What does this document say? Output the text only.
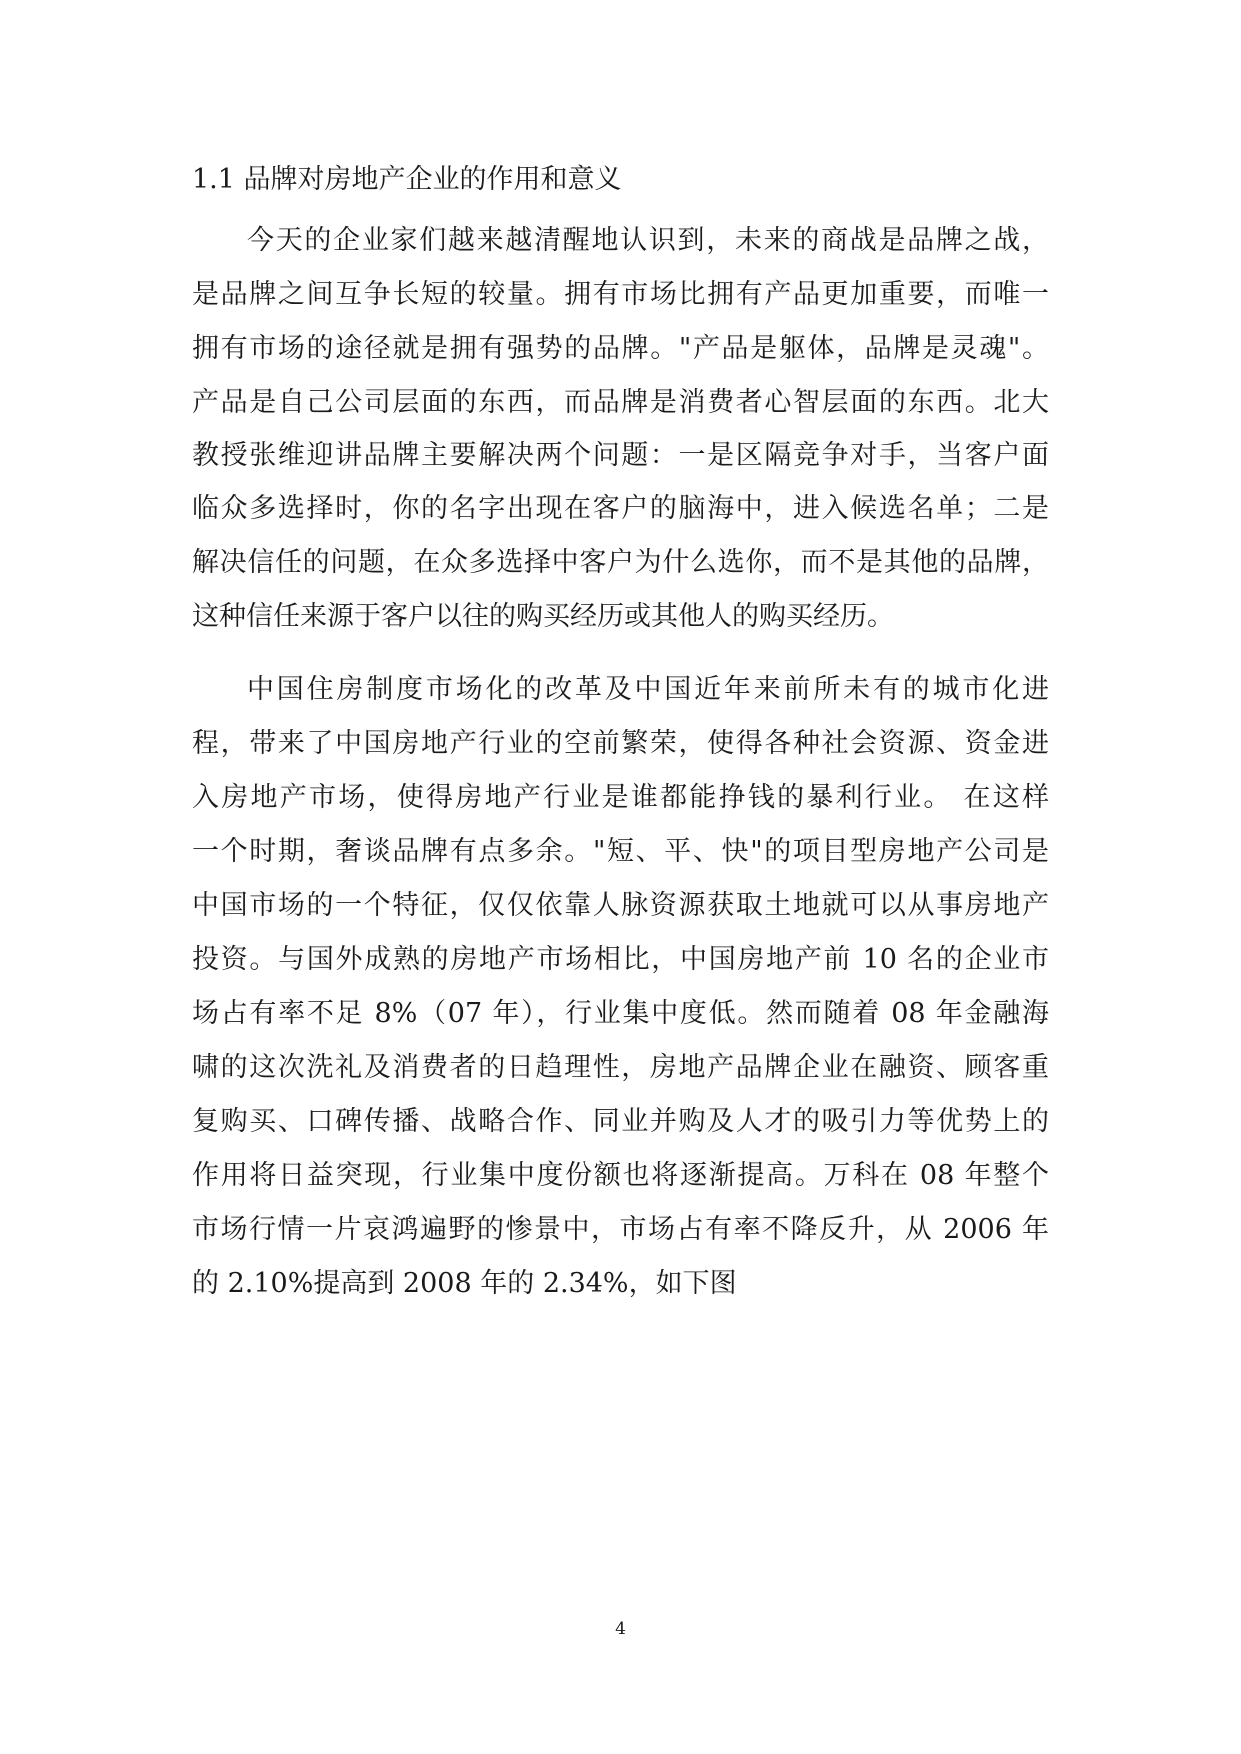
1.1 品牌对房地产企业的作用和意义
今天的企业家们越来越清醒地认识到，未来的商战是品牌之战，
是品牌之间互争长短的较量。拥有市场比拥有产品更加重要，而唯一
拥有市场的途径就是拥有强势的品牌。"产品是躯体，品牌是灵魂"。
产品是自己公司层面的东西，而品牌是消费者心智层面的东西。北大
教授张维迎讲品牌主要解决两个问题：一是区隔竞争对手，当客户面
临众多选择时，你的名字出现在客户的脑海中，进入候选名单；二是
解决信任的问题，在众多选择中客户为什么选你，而不是其他的品牌，
这种信任来源于客户以往的购买经历或其他人的购买经历。
中国住房制度市场化的改革及中国近年来前所未有的城市化进
程，带来了中国房地产行业的空前繁荣，使得各种社会资源、资金进
入房地产市场，使得房地产行业是谁都能挣钱的暴利行业。 在这样
一个时期，奢谈品牌有点多余。"短、平、快"的项目型房地产公司是
中国市场的一个特征，仅仅依靠人脉资源获取土地就可以从事房地产
投资。与国外成熟的房地产市场相比，中国房地产前 10 名的企业市
场占有率不足 8%（07 年），行业集中度低。然而随着 08 年金融海
啸的这次洗礼及消费者的日趋理性，房地产品牌企业在融资、顾客重
复购买、口碑传播、战略合作、同业并购及人才的吸引力等优势上的
作用将日益突现，行业集中度份额也将逐渐提高。万科在 08 年整个
市场行情一片哀鸿遍野的惨景中，市场占有率不降反升，从 2006 年
的 2.10%提高到 2008 年的 2.34%，如下图
4
